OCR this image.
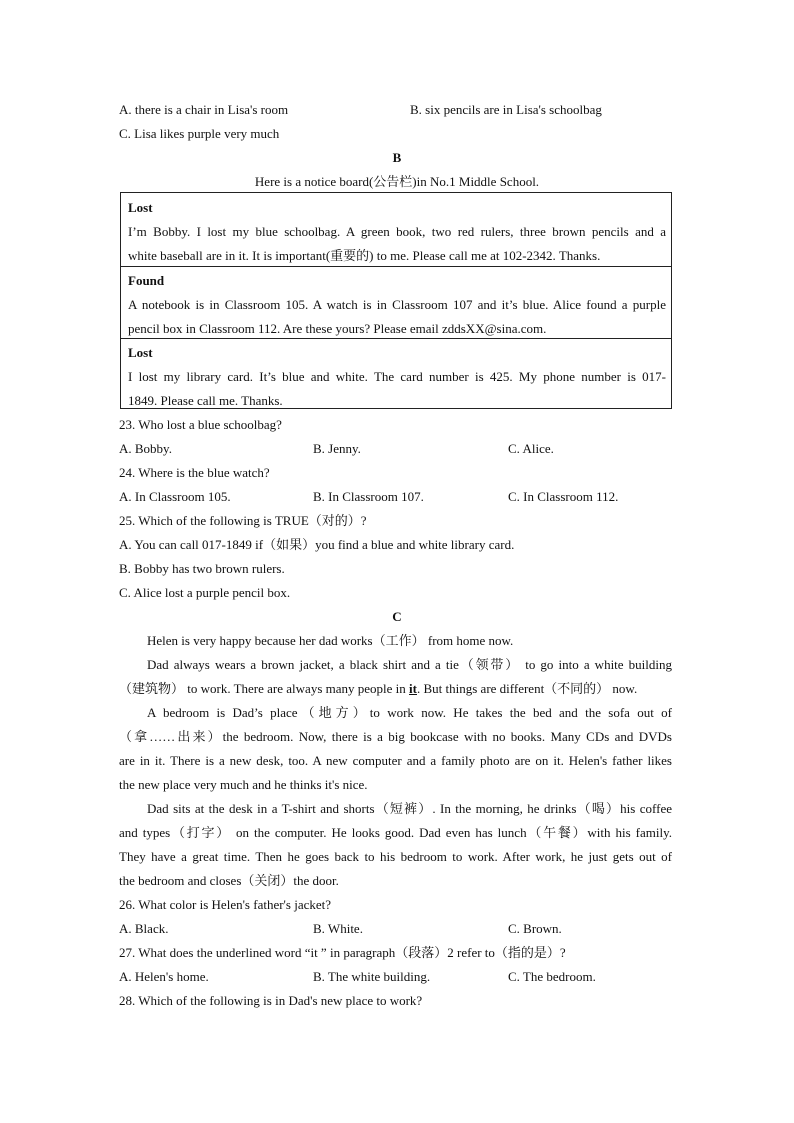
A. there is a chair in Lisa's room	B. six pencils are in Lisa's schoolbag
C. Lisa likes purple very much
B
Here is a notice board(公告栏)in No.1 Middle School.
Lost
I’m Bobby. I lost my blue schoolbag. A green book, two red rulers, three brown pencils and a
white baseball are in it. It is important(重要的) to me. Please call me at 102-2342. Thanks.
Found
A notebook is in Classroom 105. A watch is in Classroom 107 and it’s blue. Alice found a purple
pencil box in Classroom 112. Are these yours? Please email zddsXX@sina.com.
Lost
I lost my library card. It’s blue and white. The card number is 425. My phone number is 017-
1849. Please call me. Thanks.
23. Who lost a blue schoolbag?
A. Bobby.	B. Jenny.	C. Alice.
24. Where is the blue watch?
A. In Classroom 105.	B. In Classroom 107.	C. In Classroom 112.
25. Which of the following is TRUE（对的）?
A. You can call 017-1849 if（如果）you find a blue and white library card.
B. Bobby has two brown rulers.
C. Alice lost a purple pencil box.
C
Helen is very happy because her dad works（工作） from home now.
Dad always wears a brown jacket, a black shirt and a tie（领带） to go into a white building
（建筑物） to work. There are always many people in it. But things are different（不同的） now.
A bedroom is Dad’s place（地方）to work now. He takes the bed and the sofa out of
（拿……出来）the bedroom. Now, there is a big bookcase with no books. Many CDs and DVDs
are in it. There is a new desk, too. A new computer and a family photo are on it. Helen's father likes
the new place very much and he thinks it's nice.
Dad sits at the desk in a T-shirt and shorts（短裤）. In the morning, he drinks（喝）his coffee
and types（打字） on the computer. He looks good. Dad even has lunch（午餐）with his family.
They have a great time. Then he goes back to his bedroom to work. After work, he just gets out of
the bedroom and closes（关闭）the door.
26. What color is Helen's father's jacket?
A. Black.	B. White.	C. Brown.
27. What does the underlined word “it ” in paragraph（段落）2 refer to（指的是）?
A. Helen's home.	B. The white building.	C. The bedroom.
28. Which of the following is in Dad's new place to work?
